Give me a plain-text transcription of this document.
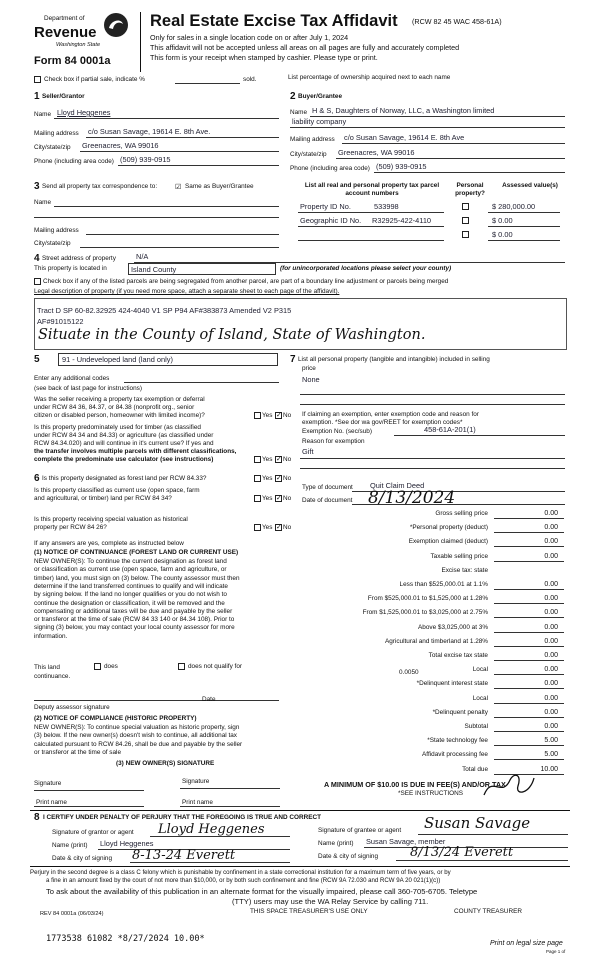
Department of
Revenue
Washington State
Form 84 0001a
Real Estate Excise Tax Affidavit (RCW 82 45 WAC 458-61A)
Only for sales in a single location code on or after July 1, 2024
This affidavit will not be accepted unless all areas on all pages are fully and accurately completed
This form is your receipt when stamped by cashier. Please type or print.
Check box if partial sale, indicate %	sold.	List percentage of ownership acquired next to each name
1 Seller/Grantor
Name Lloyd Heggenes
Mailing address c/o Susan Savage, 19614 E. 8th Ave.
City/state/zip Greenacres, WA 99016
Phone (including area code) (509) 939-0915
2 Buyer/Grantee
Name H & S, Daughters of Norway, LLC, a Washington limited
liability company
Mailing address c/o Susan Savage, 19614 E. 8th Ave
City/state/zip Greenacres, WA 99016
Phone (including area code) (509) 939-0915
3 Send all property tax correspondence to: ☑ Same as Buyer/Grantee
Name
Mailing address
City/state/zip
List all real and personal property tax parcel account numbers
Personal property?
Assessed value(s)
Property ID No.	533998	$ 280,000.00
Geographic ID No. R32925-422-4110	$ 0.00
$ 0.00
4 Street address of property	N/A
This property is located in	Island County	(for unincorporated locations please select your county)
Check box if any of the listed parcels are being segregated from another parcel, are part of a boundary line adjustment or parcels being merged
Legal description of property (if you need more space, attach a separate sheet to each page of the affidavit).
Tract D SP 60-82.32925 424-4040 V1 SP P94 AF#383873 Amended V2 P315
AF#91015122
Situate in the County of Island, State of Washington.
5	91 - Undeveloped land (land only)
Enter any additional codes
(see back of last page for instructions)
Was the seller receiving a property tax exemption or deferral
under RCW 84 36, 84.37, or 84.38 (nonprofit org., senior
citizen or disabled person, homeowner with limited income)?	Yes ✓ No
Is this property predominately used for timber (as classified
under RCW 84 34 and 84.33) or agriculture (as classified under
RCW 84.34.020) and will continue in it's current use? If yes and
the transfer involves multiple parcels with different classifications,
complete the predominate use calculator (see instructions)	Yes ✓ No
6 Is this property designated as forest land per RCW 84.33?	Yes ✓ No
Is this property classified as current use (open space, farm
and agricultural, or timber) land per RCW 84 34?	Yes ✓ No
Is this property receiving special valuation as historical
property per RCW 84 26?	Yes ✓ No
If any answers are yes, complete as instructed below
(1) NOTICE OF CONTINUANCE (FOREST LAND OR CURRENT USE)
NEW OWNER(S): To continue the current designation as forest land
or classification as current use (open space, farm and agriculture, or
timber) land, you must sign on (3) below. The county assessor must then
determine if the land transferred continues to qualify and will indicate
by signing below. If the land no longer qualifies or you do not wish to
continue the designation or classification, it will be removed and the
compensating or additional taxes will be due and payable by the seller
or transferor at the time of sale (RCW 84 33 140 or 84.34 108). Prior to
signing (3) below, you may contact your local county assessor for more
information.
This land	does	does not qualify for
continuance.
Deputy assessor signature
Date
(2) NOTICE OF COMPLIANCE (HISTORIC PROPERTY)
NEW OWNER(S): To continue special valuation as historic property, sign
(3) below. If the new owner(s) doesn't wish to continue, all additional tax
calculated pursuant to RCW 84.26, shall be due and payable by the seller
or transferor at the time of sale
(3) NEW OWNER(S) SIGNATURE
Signature	Signature
Print name	Print name
7 List all personal property (tangible and intangible) included in selling
price
None
If claiming an exemption, enter exemption code and reason for
exemption. *See dor wa gov/REET for exemption codes*
Exemption No. (sec/sub)	458-61A-201(1)
Reason for exemption
Gift
Type of document Quit Claim Deed
Date of document 8/13/2024
Gross selling price	0.00
*Personal property (deduct)	0.00
Exemption claimed (deduct)	0.00
Taxable selling price	0.00
Excise tax: state
Less than $525,000.01 at 1.1%	0.00
From $525,000.01 to $1,525,000 at 1.28%	0.00
From $1,525,000.01 to $3,025,000 at 2.75%	0.00
Above $3,025,000 at 3%	0.00
Agricultural and timberland at 1.28%	0.00
Total excise tax state	0.00
Local	0.00
*Delinquent interest state	0.00
Local	0.00
*Delinquent penalty	0.00
Subtotal	0.00
*State technology fee	5.00
Affidavit processing fee	5.00
Total due	10.00
0.0050
A MINIMUM OF $10.00 IS DUE IN FEE(S) AND/OR TAX
*SEE INSTRUCTIONS
8 I CERTIFY UNDER PENALTY OF PERJURY THAT THE FOREGOING IS TRUE AND CORRECT
Signature of grantor or agent Lloyd Heggenes
Name (print) Lloyd Heggenes
Date & city of signing 8-13-24 Everett
Signature of grantee or agent Susan Savage
Name (print) Susan Savage, member
Date & city of signing 8/13/24 Everett
Perjury in the second degree is a class C felony which is punishable by confinement in a state correctional institution for a maximum term of five years, or by
a fine in an amount fixed by the court of not more than $10,000, or by both such confinement and fine (RCW 9A 72.030 and RCW 9A 20 021(1)(c))
To ask about the availability of this publication in an alternate format for the visually impaired, please call 360-705-6705. Teletype
(TTY) users may use the WA Relay Service by calling 711.
REV 84 0001a (06/03/24)	THIS SPACE TREASURER'S USE ONLY	COUNTY TREASURER
1773538 61082 *8/27/2024 10.00*	Print on legal size page
Page 1 of
